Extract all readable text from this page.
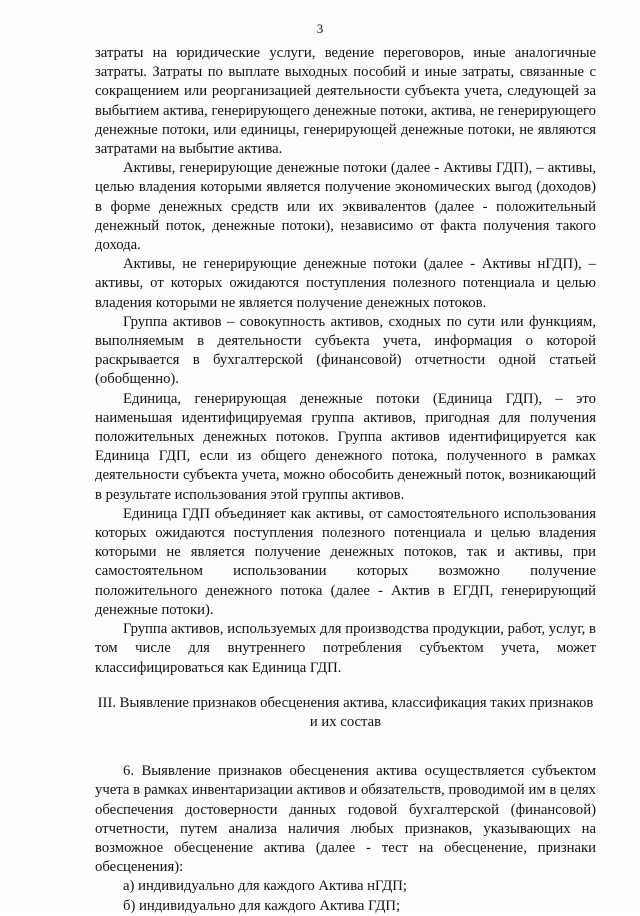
3

затраты на юридические услуги, ведение переговоров, иные аналогичные затраты. Затраты по выплате выходных пособий и иные затраты, связанные с сокращением или реорганизацией деятельности субъекта учета, следующей за выбытием актива, генерирующего денежные потоки, актива, не генерирующего денежные потоки, или единицы, генерирующей денежные потоки, не являются затратами на выбытие актива.

Активы, генерирующие денежные потоки (далее - Активы ГДП), – активы, целью владения которыми является получение экономических выгод (доходов) в форме денежных средств или их эквивалентов (далее - положительный денежный поток, денежные потоки), независимо от факта получения такого дохода.

Активы, не генерирующие денежные потоки (далее - Активы нГДП), – активы, от которых ожидаются поступления полезного потенциала и целью владения которыми не является получение денежных потоков.

Группа активов – совокупность активов, сходных по сути или функциям, выполняемым в деятельности субъекта учета, информация о которой раскрывается в бухгалтерской (финансовой) отчетности одной статьей (обобщенно).

Единица, генерирующая денежные потоки (Единица ГДП), – это наименьшая идентифицируемая группа активов, пригодная для получения положительных денежных потоков. Группа активов идентифицируется как Единица ГДП, если из общего денежного потока, полученного в рамках деятельности субъекта учета, можно обособить денежный поток, возникающий в результате использования этой группы активов.

Единица ГДП объединяет как активы, от самостоятельного использования которых ожидаются поступления полезного потенциала и целью владения которыми не является получение денежных потоков, так и активы, при самостоятельном использовании которых возможно получение положительного денежного потока (далее - Актив в ЕГДП, генерирующий денежные потоки).

Группа активов, используемых для производства продукции, работ, услуг, в том числе для внутреннего потребления субъектом учета, может классифицироваться как Единица ГДП.

III. Выявление признаков обесценения актива, классификация таких признаков и их состав

6. Выявление признаков обесценения актива осуществляется субъектом учета в рамках инвентаризации активов и обязательств, проводимой им в целях обеспечения достоверности данных годовой бухгалтерской (финансовой) отчетности, путем анализа наличия любых признаков, указывающих на возможное обесценение актива (далее - тест на обесценение, признаки обесценения):

а) индивидуально для каждого Актива нГДП;

б) индивидуально для каждого Актива ГДП;
